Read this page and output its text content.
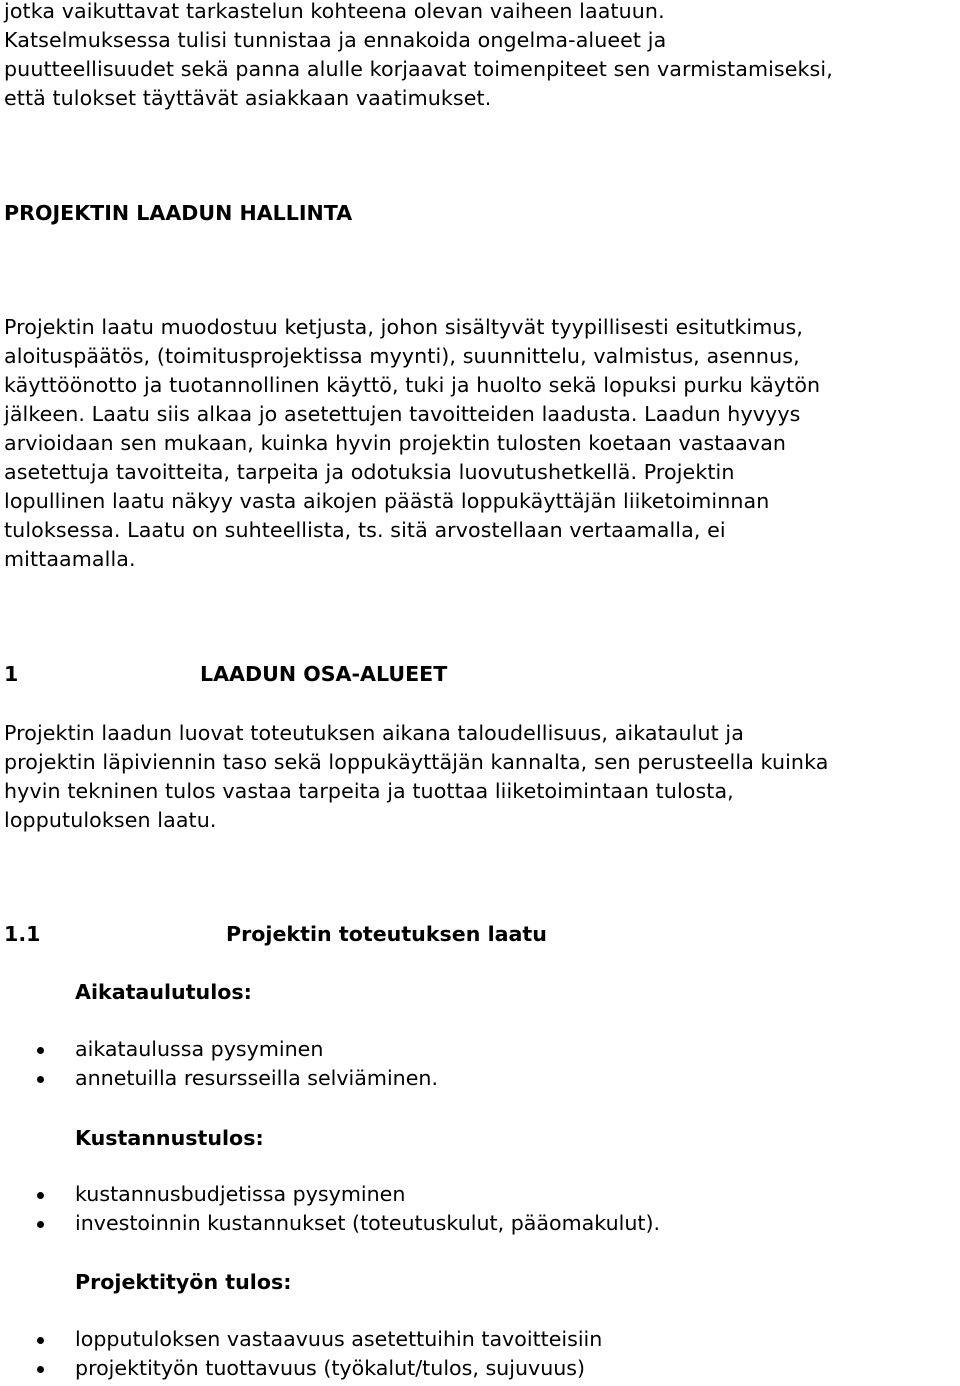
jotka vaikuttavat tarkastelun kohteena olevan vaiheen laatuun.
Katselmuksessa tulisi tunnistaa ja ennakoida ongelma-alueet ja
puutteellisuudet sekä panna alulle korjaavat toimenpiteet sen varmistamiseksi,
että tulokset täyttävät asiakkaan vaatimukset.

PROJEKTIN LAADUN HALLINTA

Projektin laatu muodostuu ketjusta, johon sisältyvät tyypillisesti esitutkimus,
aloituspäätös, (toimitusprojektissa myynti), suunnittelu, valmistus, asennus,
käyttöönotto ja tuotannollinen käyttö, tuki ja huolto sekä lopuksi purku käytön
jälkeen. Laatu siis alkaa jo asetettujen tavoitteiden laadusta. Laadun hyvyys
arvioidaan sen mukaan, kuinka hyvin projektin tulosten koetaan vastaavan
asetettuja tavoitteita, tarpeita ja odotuksia luovutushetkellä. Projektin
lopullinen laatu näkyy vasta aikojen päästä loppukäyttäjän liiketoiminnan
tuloksessa. Laatu on suhteellista, ts. sitä arvostellaan vertaamalla, ei
mittaamalla.

1	LAADUN OSA-ALUEET

Projektin laadun luovat toteutuksen aikana taloudellisuus, aikataulut ja
projektin läpiviennin taso sekä loppukäyttäjän kannalta, sen perusteella kuinka
hyvin tekninen tulos vastaa tarpeita ja tuottaa liiketoimintaan tulosta,
lopputuloksen laatu.

1.1	Projektin toteutuksen laatu
Aikataulutulos:
aikataulussa pysyminen
annetuilla resursseilla selviäminen.
Kustannustulos:
kustannusbudjetissa pysyminen
investoinnin kustannukset (toteutuskulut, pääomakulut).
Projektityön tulos:
lopputuloksen vastaavuus asetettuihin tavoitteisiin
projektityön tuottavuus (työkalut/tulos, sujuvuus)
